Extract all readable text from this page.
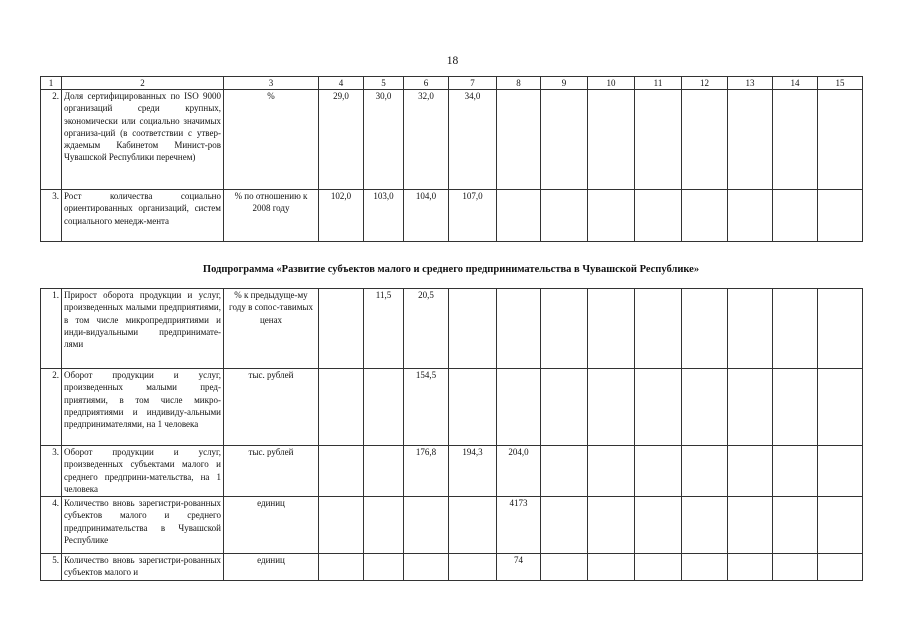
18
1	2	3	4	5	6	7	8	9	10	11	12	13	14	15
2.	Доля сертифицированных по ISO 9000 организаций среди крупных, экономически или социально значимых организа-ций (в соответствии с утвер-ждаемым Кабинетом Минист-ров Чувашской Республики перечнем)	%	29,0	30,0	32,0	34,0								
3.	Рост количества социально ориентированных организаций, систем социального менедж-мента	% по отношению к 2008 году	102,0	103,0	104,0	107,0								
Подпрограмма «Развитие субъектов малого и среднего предпринимательства в Чувашской Республике»
1.	Прирост оборота продукции и услуг, произведенных малыми предприятиями, в том числе микропредприятиями и инди-видуальными предпринимате-лями	% к предыдуще-му году в сопос-тавимых ценах		11,5	20,5									
2.	Оборот продукции и услуг, произведенных малыми пред-приятиями, в том числе микро-предприятиями и индивиду-альными предпринимателями, на 1 человека	тыс. рублей			154,5									
3.	Оборот продукции и услуг, произведенных субъектами малого и среднего предприни-мательства, на 1 человека	тыс. рублей			176,8	194,3	204,0							
4.	Количество вновь зарегистри-рованных субъектов малого и среднего предпринимательства в Чувашской Республике	единиц					4173							
5.	Количество вновь зарегистри-рованных субъектов малого и	единиц					74							
